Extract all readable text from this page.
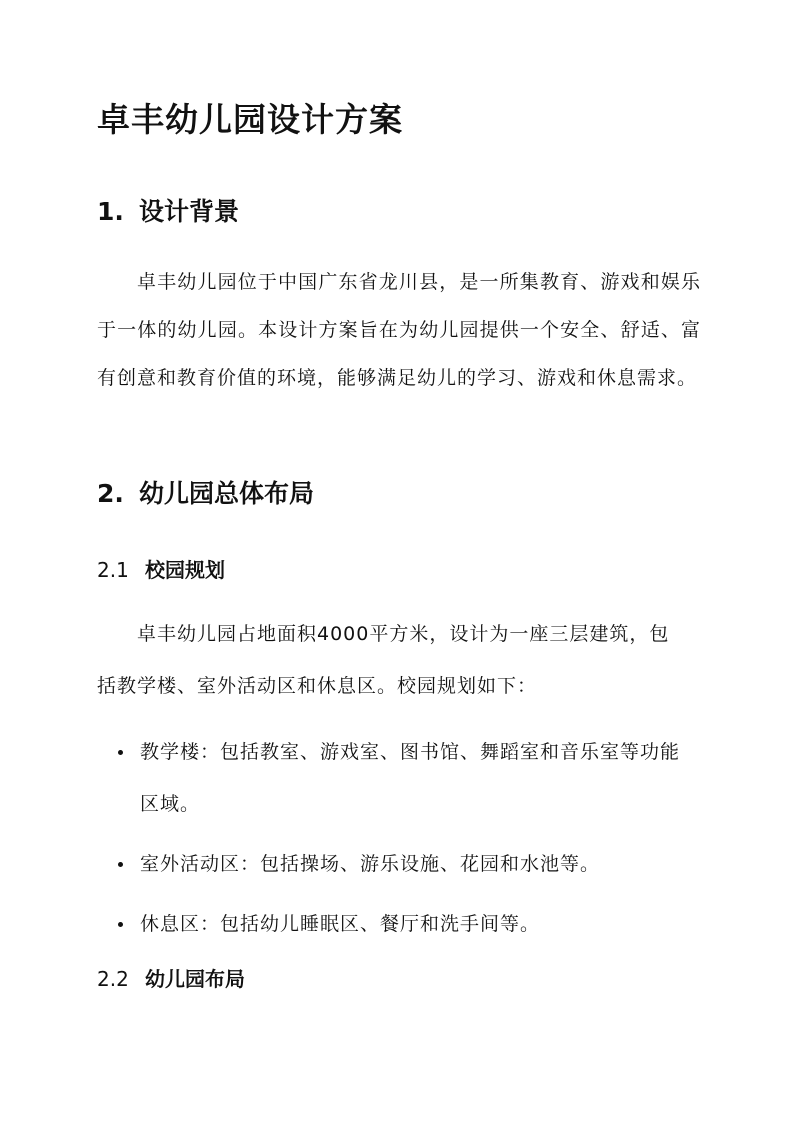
卓丰幼儿园设计方案
1. 设计背景
卓丰幼儿园位于中国广东省龙川县，是一所集教育、游戏和娱乐于一体的幼儿园。本设计方案旨在为幼儿园提供一个安全、舒适、富有创意和教育价值的环境，能够满足幼儿的学习、游戏和休息需求。
2. 幼儿园总体布局
2.1 校园规划
卓丰幼儿园占地面积4000平方米，设计为一座三层建筑，包括教学楼、室外活动区和休息区。校园规划如下：
教学楼：包括教室、游戏室、图书馆、舞蹈室和音乐室等功能区域。
室外活动区：包括操场、游乐设施、花园和水池等。
休息区：包括幼儿睡眠区、餐厅和洗手间等。
2.2 幼儿园布局
